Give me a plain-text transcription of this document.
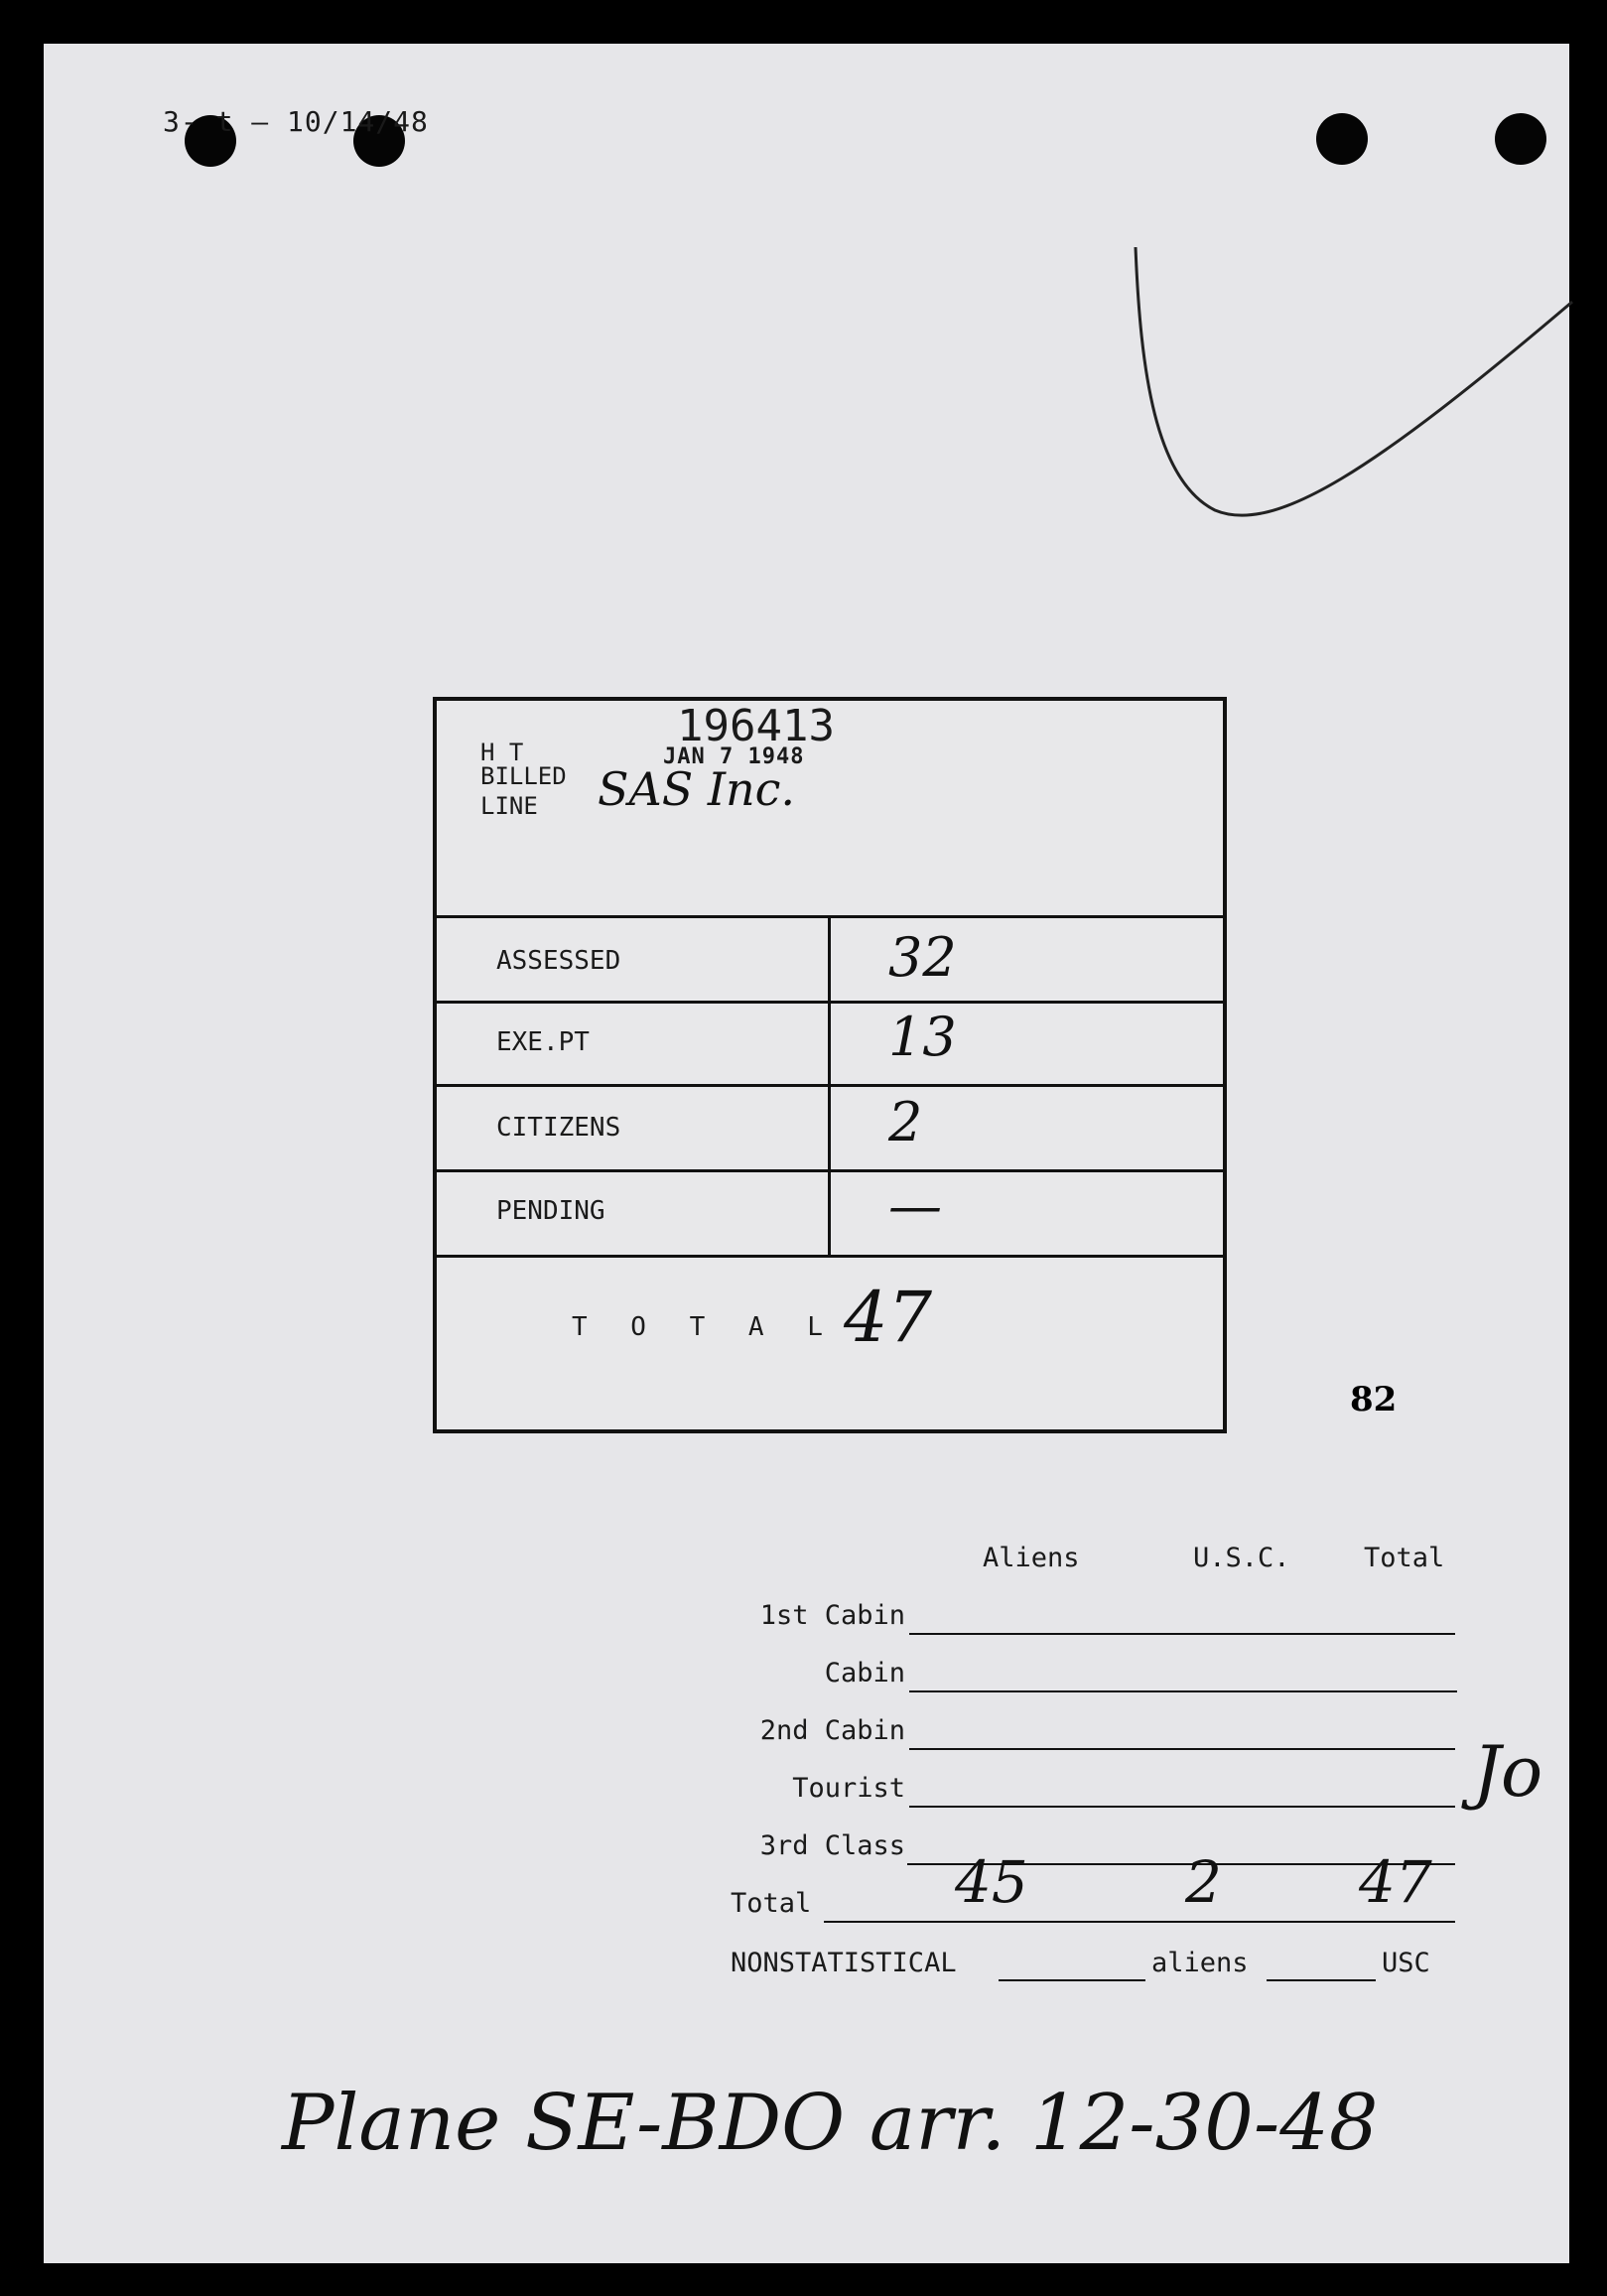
3- t — 10/14/48
196413
H T
BILLED
LINE
JAN 7 1948
SAS Inc.
ASSESSED	32
EXE.PT	13
CITIZENS	2
PENDING	—
T O T A L 47
82
Aliens	U.S.C.	Total
1st Cabin
Cabin
2nd Cabin
Tourist
3rd Class
Total 45	2 47
NONSTATISTICAL	aliens	USC
Jo
Plane SE-BDO arr. 12-30-48
